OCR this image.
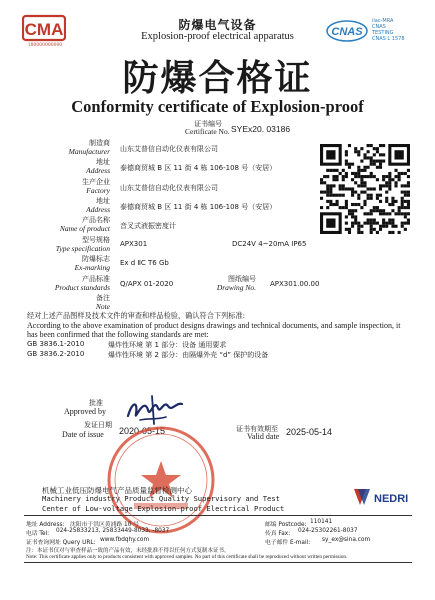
CMA
180000000000
CNAS
ilac-MRA
CNAS
TESTING
CNAS L 1578
防爆电气设备
Explosion-proof electrical apparatus
防爆合格证
Conformity certificate of Explosion-proof
证书编号
Certificate No. SYEx20. 03186
制造商
Manufacturer 山东艾普信自动化仪表有限公司
地址
Address 泰德商贸城 B 区 11 街 4 栋 106-108 号（安居）
生产企业
Factory 山东艾普信自动化仪表有限公司
地址
Address 泰德商贸城 B 区 11 街 4 栋 106-108 号（安居）
产品名称
Name of product 音叉式液振密度计
型号规格
Type specification APX301	DC24V 4~20mA IP65
防爆标志
Ex-marking Ex d ⅡC T6 Gb
产品标准
Product standards Q/APX 01-2020
图纸编号
Drawing No. APX301.00.00
备注
Note
经对上述产品图样及技术文件的审查和样品检验，确认符合下列标准:
According to the above examination of product designs drawings and technical documents, and sample inspection, it has been confirmed that the following standards are met:
GB 3836.1-2010	爆炸性环境 第 1 部分：设备 通用要求
GB 3836.2-2010	爆炸性环境 第 2 部分：由隔爆外壳 “d” 保护的设备
批准
Approved by
发证日期
Date of issue 2020-05-15	证书有效期至
Valid date 2025-05-14
机械工业低压防爆电气产品质量监督检测中心
Machinery industry Product Quality Supervisory and Test
Center of Low-voltage Explosion-proof Electrical Product
NEDRI
地址 Address: 沈阳市于洪区黄浦路 10 号	邮编 Postcode: 110141
电话 Tel: 024-25833213, 25833449-8033, -8037	传真 Fax: 024-25302261-8037
证书查询网址 Query URL: www.fbdqhy.com	电子邮件 E-mail: sy_ex@sina.com
注：本证书仅对与审查样品一致的产品有效，未经批准不得以任何方式复制本证书。
Note: This certificate applies only to products consistent with approved samples. No part of this certificate shall be reproduced without written permission.
